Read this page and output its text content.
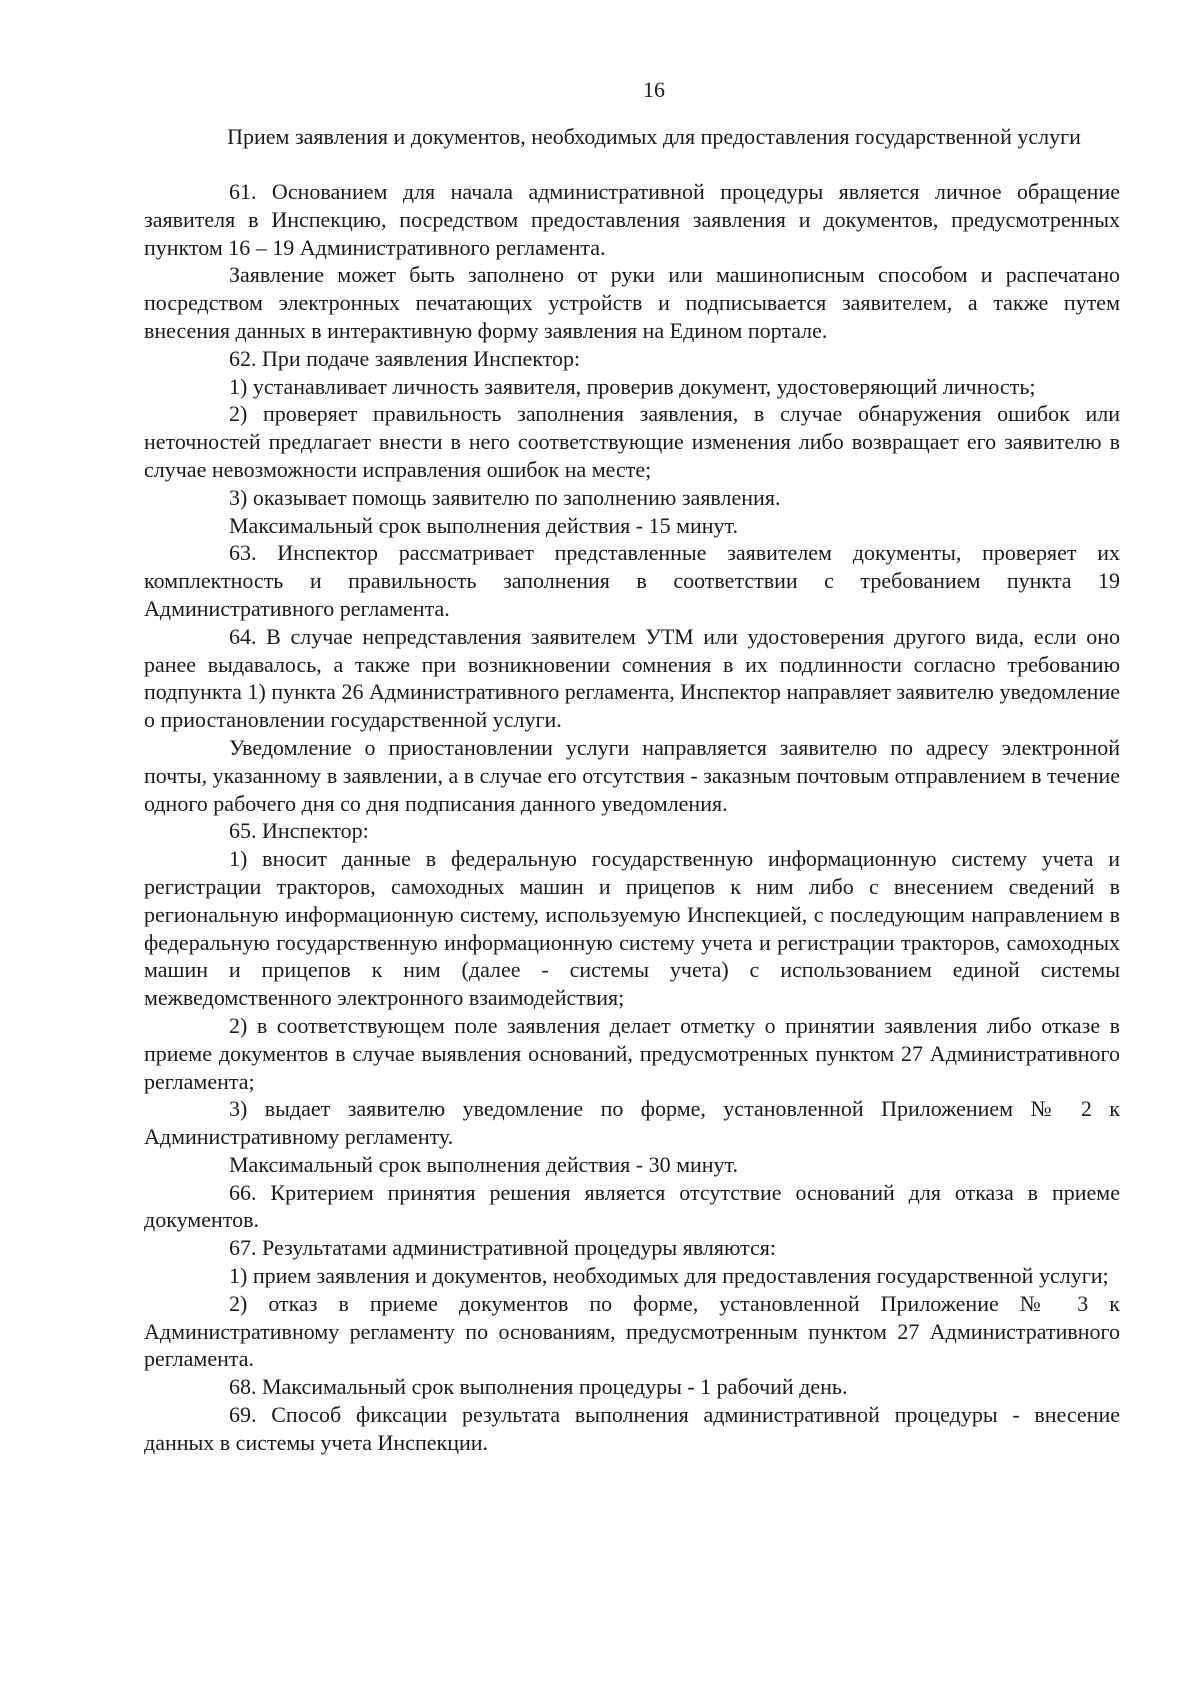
16
Прием заявления и документов, необходимых для предоставления государственной услуги

61. Основанием для начала административной процедуры является личное обращение заявителя в Инспекцию, посредством предоставления заявления и документов, предусмотренных пунктом 16 – 19 Административного регламента.

Заявление может быть заполнено от руки или машинописным способом и распечатано посредством электронных печатающих устройств и подписывается заявителем, а также путем внесения данных в интерактивную форму заявления на Едином портале.

62. При подаче заявления Инспектор:

1) устанавливает личность заявителя, проверив документ, удостоверяющий личность;

2) проверяет правильность заполнения заявления, в случае обнаружения ошибок или неточностей предлагает внести в него соответствующие изменения либо возвращает его заявителю в случае невозможности исправления ошибок на месте;

3) оказывает помощь заявителю по заполнению заявления.

Максимальный срок выполнения действия - 15 минут.

63. Инспектор рассматривает представленные заявителем документы, проверяет их комплектность и правильность заполнения в соответствии с требованием пункта 19 Административного регламента.

64. В случае непредставления заявителем УТМ или удостоверения другого вида, если оно ранее выдавалось, а также при возникновении сомнения в их подлинности согласно требованию подпункта 1) пункта 26 Административного регламента, Инспектор направляет заявителю уведомление о приостановлении государственной услуги.

Уведомление о приостановлении услуги направляется заявителю по адресу электронной почты, указанному в заявлении, а в случае его отсутствия - заказным почтовым отправлением в течение одного рабочего дня со дня подписания данного уведомления.

65. Инспектор:

1) вносит данные в федеральную государственную информационную систему учета и регистрации тракторов, самоходных машин и прицепов к ним либо с внесением сведений в региональную информационную систему, используемую Инспекцией, с последующим направлением в федеральную государственную информационную систему учета и регистрации тракторов, самоходных машин и прицепов к ним (далее - системы учета) с использованием единой системы межведомственного электронного взаимодействия;

2) в соответствующем поле заявления делает отметку о принятии заявления либо отказе в приеме документов в случае выявления оснований, предусмотренных пунктом 27 Административного регламента;

3) выдает заявителю уведомление по форме, установленной Приложением № 2 к Административному регламенту.

Максимальный срок выполнения действия - 30 минут.

66. Критерием принятия решения является отсутствие оснований для отказа в приеме документов.

67. Результатами административной процедуры являются:

1) прием заявления и документов, необходимых для предоставления государственной услуги;

2) отказ в приеме документов по форме, установленной Приложение № 3 к Административному регламенту по основаниям, предусмотренным пунктом 27 Административного регламента.

68. Максимальный срок выполнения процедуры - 1 рабочий день.

69. Способ фиксации результата выполнения административной процедуры - внесение данных в системы учета Инспекции.
